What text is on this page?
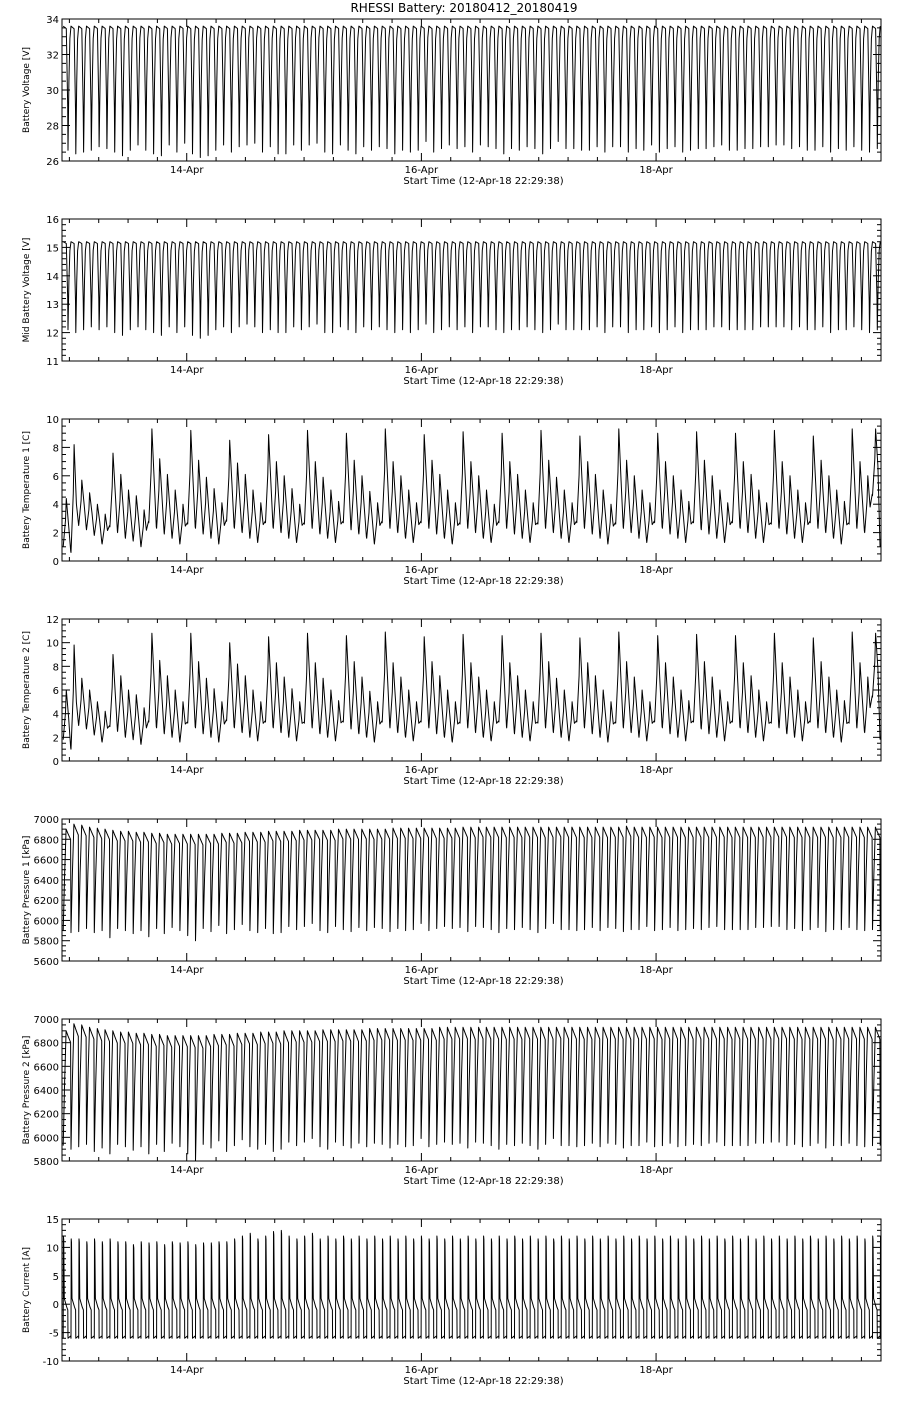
RHESSI Battery: 20180412_20180419
26
28
30
32
34
14-Apr	16-Apr	18-Apr
Start Time (12-Apr-18 22:29:38)
Battery Voltage [V]
11
12
13
14
15
16
14-Apr	16-Apr	18-Apr
Start Time (12-Apr-18 22:29:38)
Mid Battery Voltage [V]
0
2
4
6
8
10
14-Apr	16-Apr	18-Apr
Start Time (12-Apr-18 22:29:38)
Battery Temperature 1 [C]
0
2
4
6
8
10
12
14-Apr	16-Apr	18-Apr
Start Time (12-Apr-18 22:29:38)
Battery Temperature 2 [C]
5600
5800
6000
6200
6400
6600
6800
7000
14-Apr	16-Apr	18-Apr
Start Time (12-Apr-18 22:29:38)
Battery Pressure 1 [kPa]
5800
6000
6200
6400
6600
6800
7000
14-Apr	16-Apr	18-Apr
Start Time (12-Apr-18 22:29:38)
Battery Pressure 2 [kPa]
-10
-5
0
5
10
15
14-Apr	16-Apr	18-Apr
Start Time (12-Apr-18 22:29:38)
Battery Current [A]
